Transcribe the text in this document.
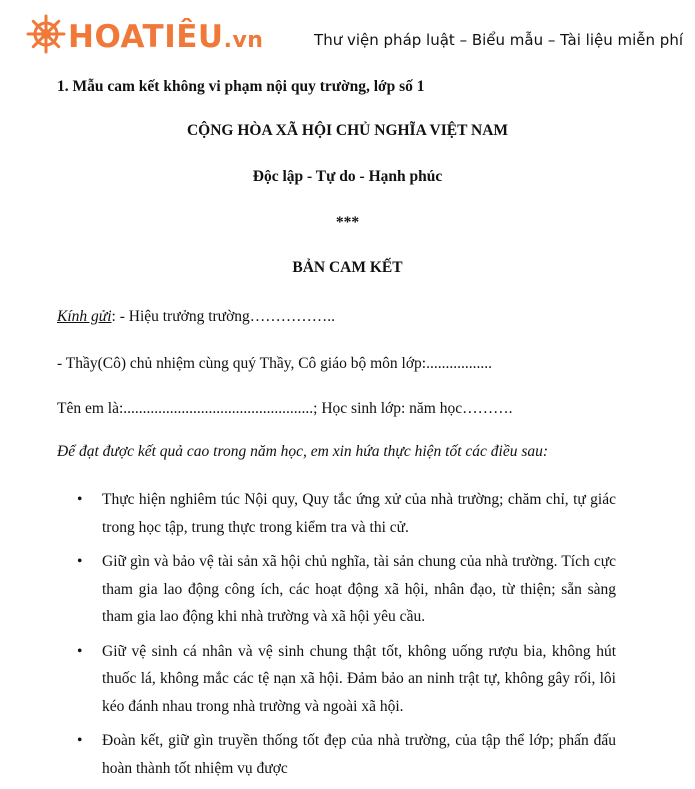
HOATIÊU.vn	Thư viện pháp luật – Biểu mẫu – Tài liệu miễn phí
1. Mẫu cam kết không vi phạm nội quy trường, lớp số 1
CỘNG HÒA XÃ HỘI CHỦ NGHĨA VIỆT NAM
Độc lập - Tự do - Hạnh phúc
***
BẢN CAM KẾT
Kính gửi: - Hiệu trưởng trường……………..
- Thầy(Cô) chủ nhiệm cùng quý Thầy, Cô giáo bộ môn lớp:.................
Tên em là:.................................................; Học sinh lớp: năm học……….
Để đạt được kết quả cao trong năm học, em xin hứa thực hiện tốt các điều sau:
• Thực hiện nghiêm túc Nội quy, Quy tắc ứng xử của nhà trường; chăm chỉ, tự giác trong học tập, trung thực trong kiểm tra và thi cử.
• Giữ gìn và bảo vệ tài sản xã hội chủ nghĩa, tài sản chung của nhà trường. Tích cực tham gia lao động công ích, các hoạt động xã hội, nhân đạo, từ thiện; sẵn sàng tham gia lao động khi nhà trường và xã hội yêu cầu.
• Giữ vệ sinh cá nhân và vệ sinh chung thật tốt, không uống rượu bia, không hút thuốc lá, không mắc các tệ nạn xã hội. Đảm bảo an ninh trật tự, không gây rối, lôi kéo đánh nhau trong nhà trường và ngoài xã hội.
• Đoàn kết, giữ gìn truyền thống tốt đẹp của nhà trường, của tập thể lớp; phấn đấu hoàn thành tốt nhiệm vụ được
